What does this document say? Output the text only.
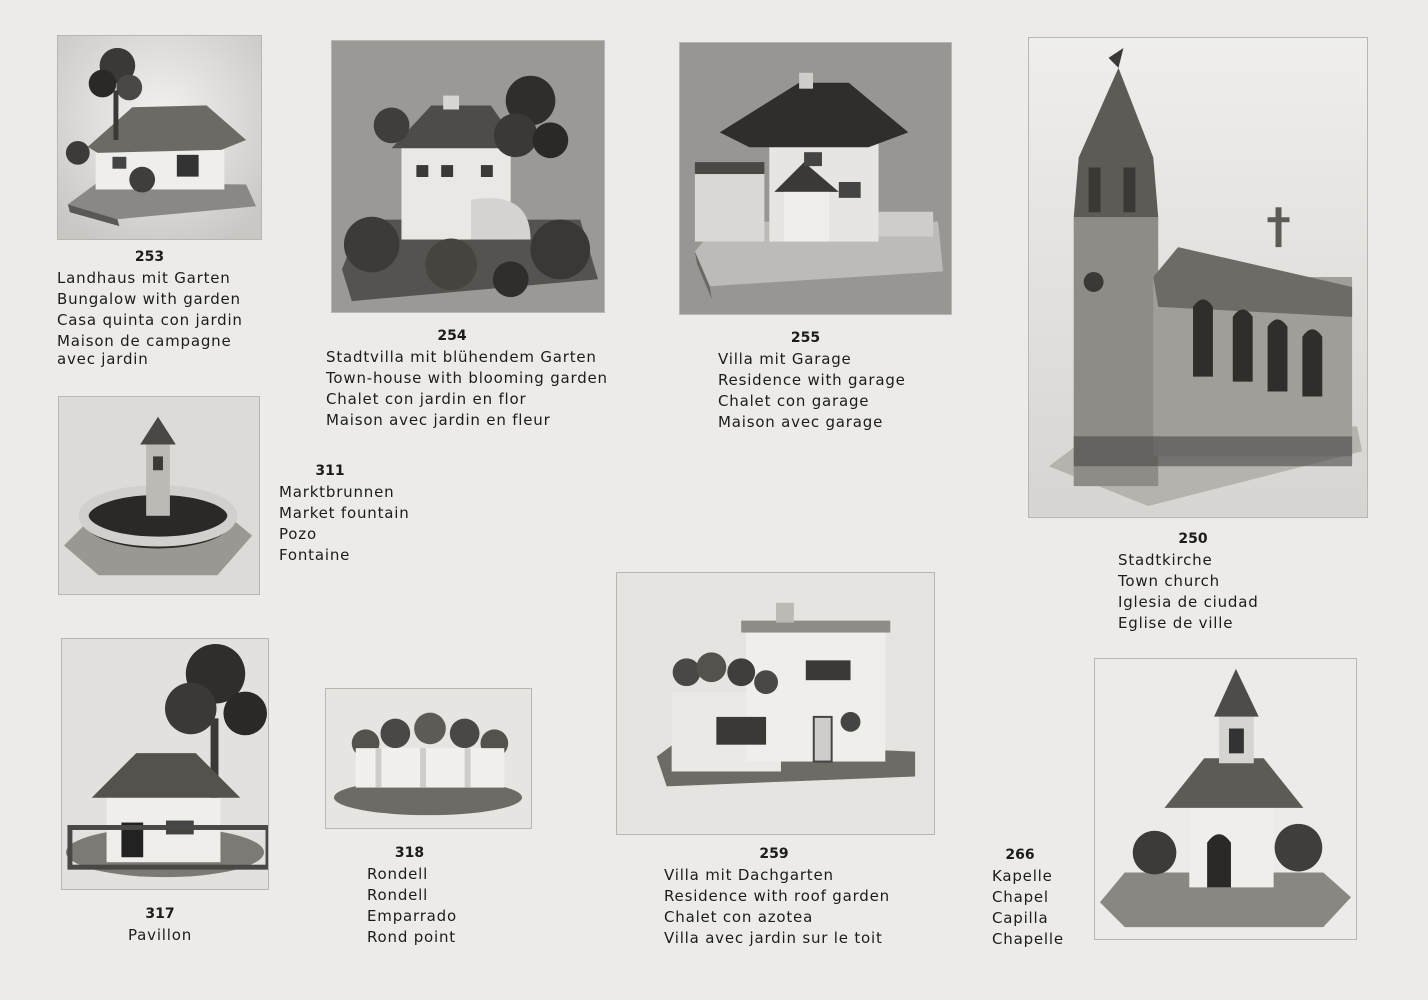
253
Landhaus mit Garten
Bungalow with garden
Casa quinta con jardin
Maison de campagne
avec jardin
254
Stadtvilla mit blühendem Garten
Town-house with blooming garden
Chalet con jardin en flor
Maison avec jardin en fleur
255
Villa mit Garage
Residence with garage
Chalet con garage
Maison avec garage
250
Stadtkirche
Town church
Iglesia de ciudad
Eglise de ville
311
Marktbrunnen
Market fountain
Pozo
Fontaine
317
Pavillon
318
Rondell
Rondell
Emparrado
Rond point
259
Villa mit Dachgarten
Residence with roof garden
Chalet con azotea
Villa avec jardin sur le toit
266
Kapelle
Chapel
Capilla
Chapelle
